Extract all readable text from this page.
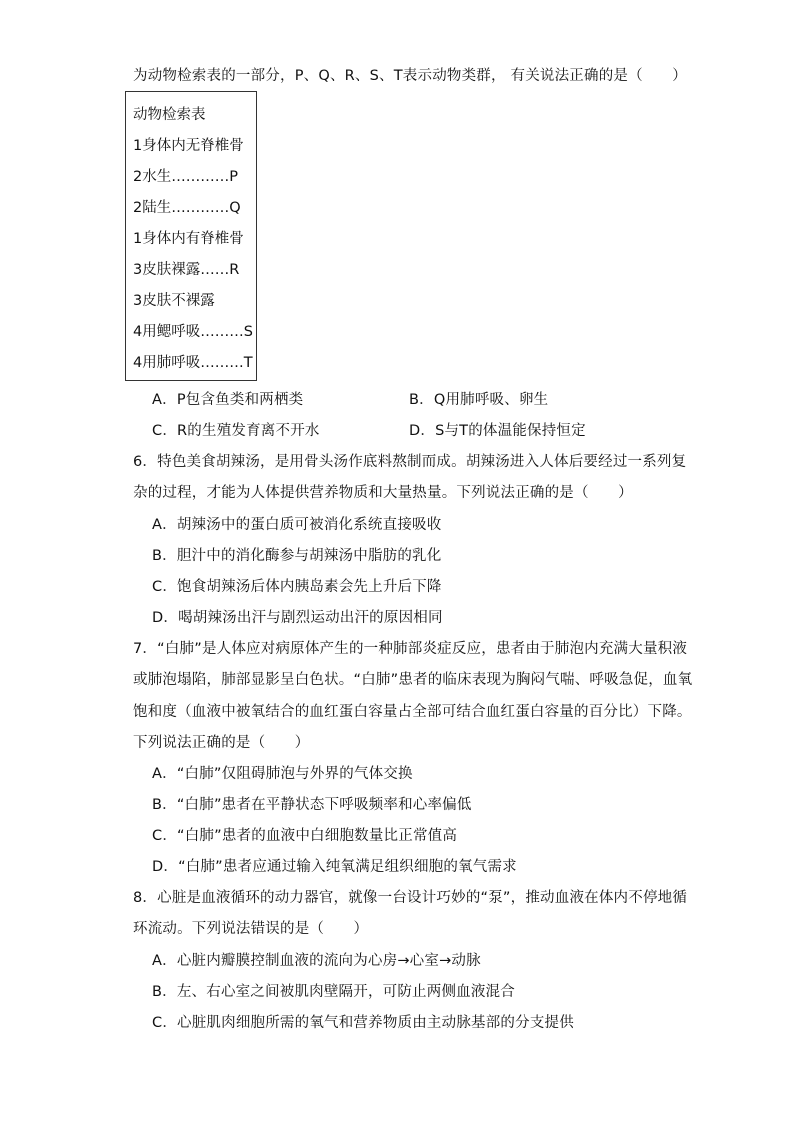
为动物检索表的一部分，P、Q、R、S、T表示动物类群， 有关说法正确的是（　　）
动物检索表
1身体内无脊椎骨
2水生…………P
2陆生…………Q
1身体内有脊椎骨
3皮肤裸露……R
3皮肤不裸露
4用鳃呼吸………S
4用肺呼吸………T
A．P包含鱼类和两栖类	B．Q用肺呼吸、卵生
C．R的生殖发育离不开水	D．S与T的体温能保持恒定
6．特色美食胡辣汤，是用骨头汤作底料熬制而成。胡辣汤进入人体后要经过一系列复
杂的过程，才能为人体提供营养物质和大量热量。下列说法正确的是（　　）
A．胡辣汤中的蛋白质可被消化系统直接吸收
B．胆汁中的消化酶参与胡辣汤中脂肪的乳化
C．饱食胡辣汤后体内胰岛素会先上升后下降
D．喝胡辣汤出汗与剧烈运动出汗的原因相同
7．“白肺”是人体应对病原体产生的一种肺部炎症反应，患者由于肺泡内充满大量积液
或肺泡塌陷，肺部显影呈白色状。“白肺”患者的临床表现为胸闷气喘、呼吸急促，血氧
饱和度（血液中被氧结合的血红蛋白容量占全部可结合血红蛋白容量的百分比）下降。
下列说法正确的是（　　）
A．“白肺”仅阻碍肺泡与外界的气体交换
B．“白肺”患者在平静状态下呼吸频率和心率偏低
C．“白肺”患者的血液中白细胞数量比正常值高
D．“白肺”患者应通过输入纯氧满足组织细胞的氧气需求
8．心脏是血液循环的动力器官，就像一台设计巧妙的“泵”，推动血液在体内不停地循
环流动。下列说法错误的是（　　）
A．心脏内瓣膜控制血液的流向为心房→心室→动脉
B．左、右心室之间被肌肉壁隔开，可防止两侧血液混合
C．心脏肌肉细胞所需的氧气和营养物质由主动脉基部的分支提供
